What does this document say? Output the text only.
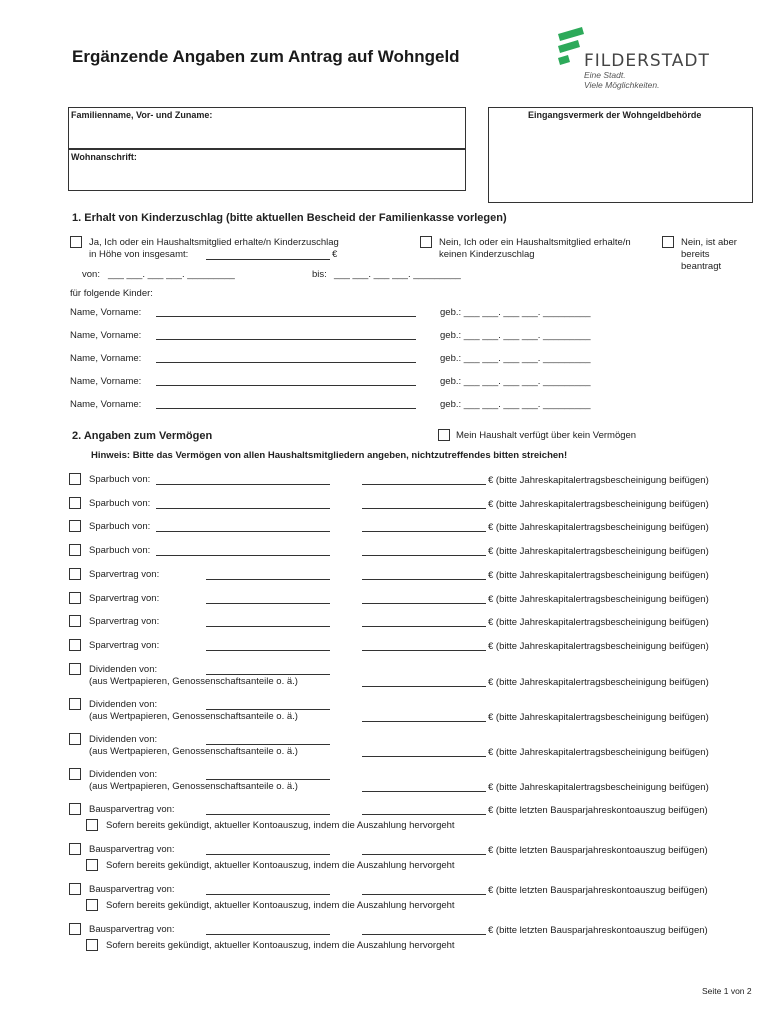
Ergänzende Angaben zum Antrag auf Wohngeld	FILDERSTADT
Eine Stadt.
Viele Möglichkeiten.
Familienname, Vor- und Zuname:	Eingangsvermerk der Wohngeldbehörde
Wohnanschrift:
1. Erhalt von Kinderzuschlag (bitte aktuellen Bescheid der Familienkasse vorlegen)
Ja, Ich oder ein Haushaltsmitglied erhalte/n Kinderzuschlag
in Höhe von insgesamt:	€
Nein, Ich oder ein Haushaltsmitglied erhalte/n
keinen Kinderzuschlag
Nein, ist aber
bereits
beantragt
von: ___ ___. ___ ___. _________	bis: ___ ___. ___ ___. _________
für folgende Kinder:
Name, Vorname:	geb.: ___ ___. ___ ___. _________
Name, Vorname:	geb.: ___ ___. ___ ___. _________
Name, Vorname:	geb.: ___ ___. ___ ___. _________
Name, Vorname:	geb.: ___ ___. ___ ___. _________
Name, Vorname:	geb.: ___ ___. ___ ___. _________
2. Angaben zum Vermögen	Mein Haushalt verfügt über kein Vermögen
Hinweis: Bitte das Vermögen von allen Haushaltsmitgliedern angeben, nichtzutreffendes bitten streichen!
Sparbuch von:	€ (bitte Jahreskapitalertragsbescheinigung beifügen)
Sparbuch von:	€ (bitte Jahreskapitalertragsbescheinigung beifügen)
Sparbuch von:	€ (bitte Jahreskapitalertragsbescheinigung beifügen)
Sparbuch von:	€ (bitte Jahreskapitalertragsbescheinigung beifügen)
Sparvertrag von:	€ (bitte Jahreskapitalertragsbescheinigung beifügen)
Sparvertrag von:	€ (bitte Jahreskapitalertragsbescheinigung beifügen)
Sparvertrag von:	€ (bitte Jahreskapitalertragsbescheinigung beifügen)
Sparvertrag von:	€ (bitte Jahreskapitalertragsbescheinigung beifügen)
Dividenden von:
(aus Wertpapieren, Genossenschaftsanteile o. ä.)	€ (bitte Jahreskapitalertragsbescheinigung beifügen)
Dividenden von:
(aus Wertpapieren, Genossenschaftsanteile o. ä.)	€ (bitte Jahreskapitalertragsbescheinigung beifügen)
Dividenden von:
(aus Wertpapieren, Genossenschaftsanteile o. ä.)	€ (bitte Jahreskapitalertragsbescheinigung beifügen)
Dividenden von:
(aus Wertpapieren, Genossenschaftsanteile o. ä.)	€ (bitte Jahreskapitalertragsbescheinigung beifügen)
Bausparvertrag von:	€ (bitte letzten Bausparjahreskontoauszug beifügen)
Sofern bereits gekündigt, aktueller Kontoauszug, indem die Auszahlung hervorgeht
Bausparvertrag von:	€ (bitte letzten Bausparjahreskontoauszug beifügen)
Sofern bereits gekündigt, aktueller Kontoauszug, indem die Auszahlung hervorgeht
Bausparvertrag von:	€ (bitte letzten Bausparjahreskontoauszug beifügen)
Sofern bereits gekündigt, aktueller Kontoauszug, indem die Auszahlung hervorgeht
Bausparvertrag von:	€ (bitte letzten Bausparjahreskontoauszug beifügen)
Sofern bereits gekündigt, aktueller Kontoauszug, indem die Auszahlung hervorgeht
Seite 1 von 2
